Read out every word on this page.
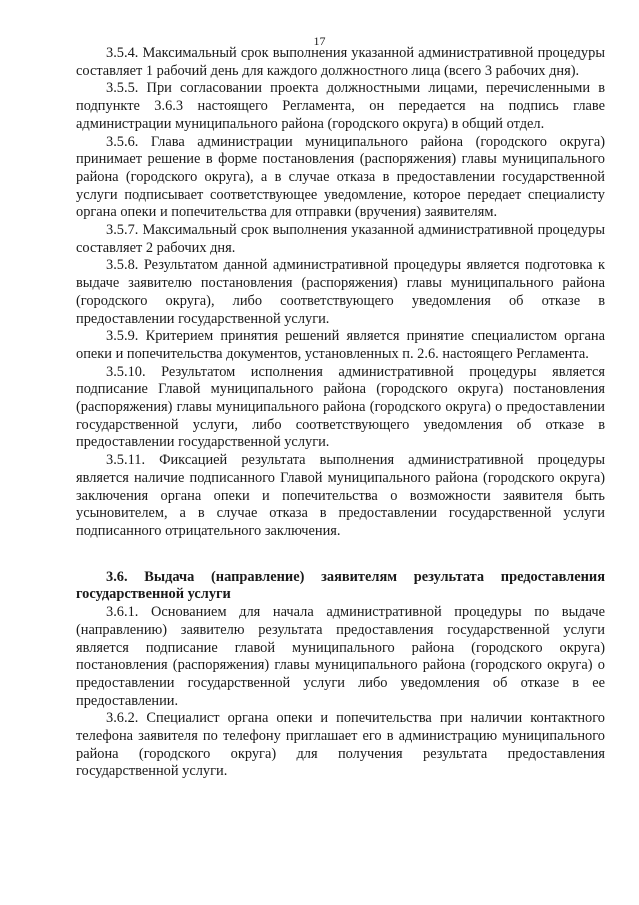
17

3.5.4. Максимальный срок выполнения указанной административной процедуры составляет 1 рабочий день для каждого должностного лица (всего 3 рабочих дня).

3.5.5. При согласовании проекта должностными лицами, перечисленными в подпункте 3.6.3 настоящего Регламента, он передается на подпись главе администрации муниципального района (городского округа) в общий отдел.

3.5.6. Глава администрации муниципального района (городского округа) принимает решение в форме постановления (распоряжения) главы муниципального района (городского округа), а в случае отказа в предоставлении государственной услуги подписывает соответствующее уведомление, которое передает специалисту органа опеки и попечительства для отправки (вручения) заявителям.

3.5.7. Максимальный срок выполнения указанной административной процедуры составляет 2 рабочих дня.

3.5.8. Результатом данной административной процедуры является подготовка к выдаче заявителю постановления (распоряжения) главы муниципального района (городского округа), либо соответствующего уведомления об отказе в предоставлении государственной услуги.

3.5.9. Критерием принятия решений является принятие специалистом органа опеки и попечительства документов, установленных п. 2.6. настоящего Регламента.

3.5.10. Результатом исполнения административной процедуры является подписание Главой муниципального района (городского округа) постановления (распоряжения) главы муниципального района (городского округа) о предоставлении государственной услуги, либо соответствующего уведомления об отказе в предоставлении государственной услуги.

3.5.11. Фиксацией результата выполнения административной процедуры является наличие подписанного Главой муниципального района (городского округа) заключения органа опеки и попечительства о возможности заявителя быть усыновителем, а в случае отказа в предоставлении государственной услуги подписанного отрицательного заключения.

3.6. Выдача (направление) заявителям результата предоставления государственной услуги

3.6.1. Основанием для начала административной процедуры по выдаче (направлению) заявителю результата предоставления государственной услуги является подписание главой муниципального района (городского округа) постановления (распоряжения) главы муниципального района (городского округа) о предоставлении государственной услуги либо уведомления об отказе в ее предоставлении.

3.6.2. Специалист органа опеки и попечительства при наличии контактного телефона заявителя по телефону приглашает его в администрацию муниципального района (городского округа) для получения результата предоставления государственной услуги.
